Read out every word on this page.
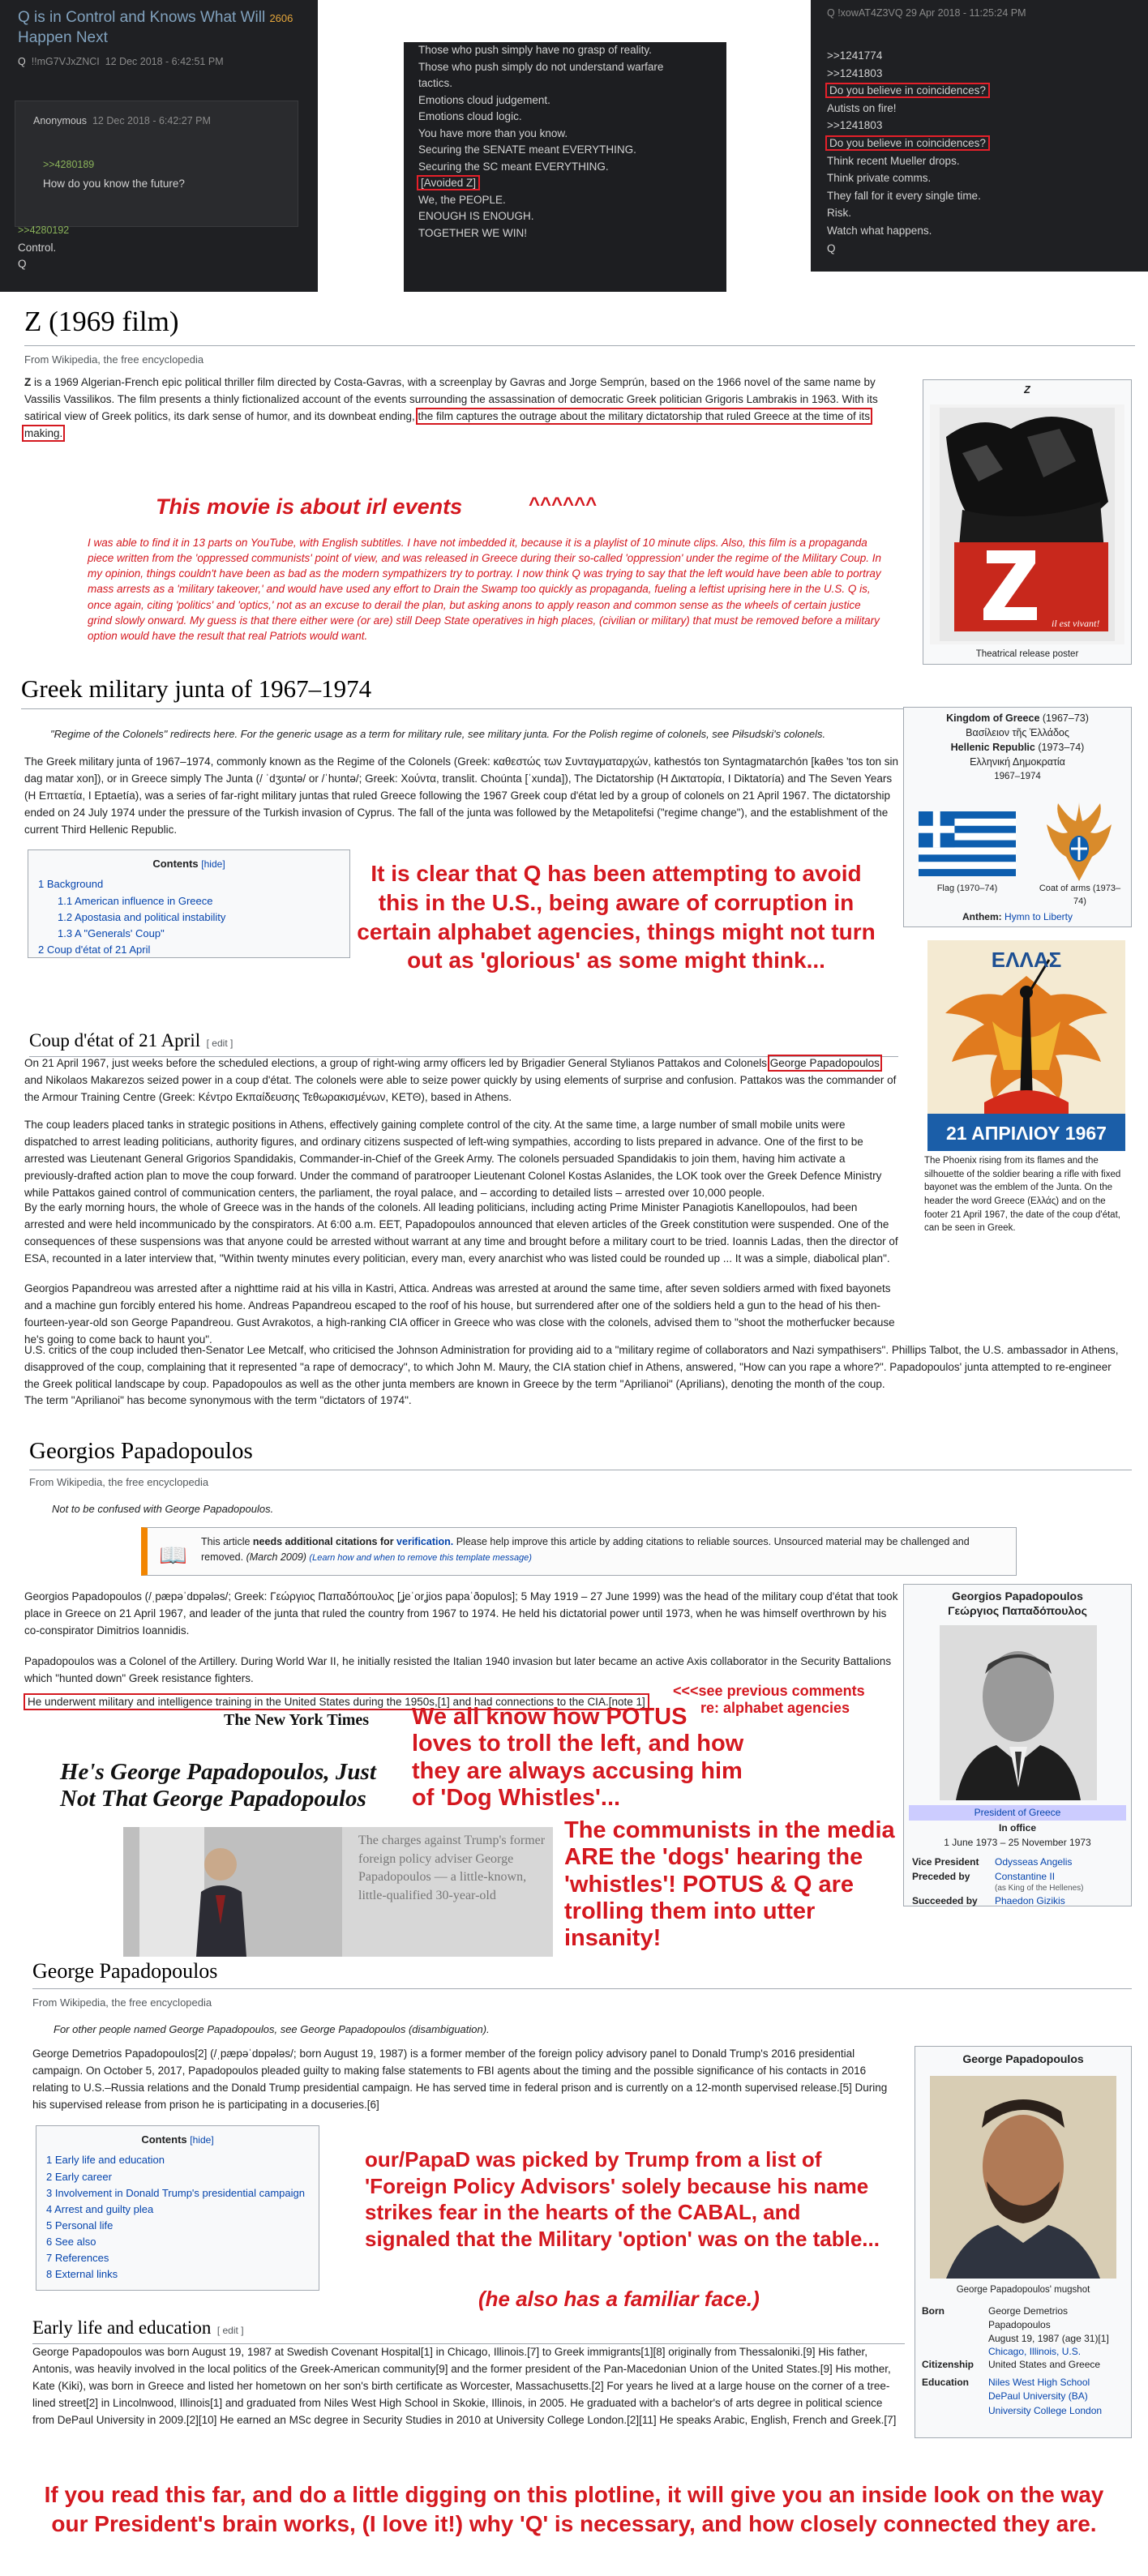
Q is in Control and Knows What Will 2606
Happen Next
Q !!mG7VJxZNCI 12 Dec 2018 - 6:42:51 PM
Anonymous 12 Dec 2018 - 6:42:27 PM
>>4280189
How do you know the future?
>>4280192
Control.
Q
Those who push simply have no grasp of reality.
Those who push simply do not understand warfare
tactics.
Emotions cloud judgement.
Emotions cloud logic.
You have more than you know.
Securing the SENATE meant EVERYTHING.
Securing the SC meant EVERYTHING.
[Avoided Z]
We, the PEOPLE.
ENOUGH IS ENOUGH.
TOGETHER WE WIN!
Q !xowAT4Z3VQ 29 Apr 2018 - 11:25:24 PM
>>1241774
>>1241803
Do you believe in coincidences?
Autists on fire!
>>1241803
Do you believe in coincidences?
Think recent Mueller drops.
Think private comms.
They fall for it every single time.
Risk.
Watch what happens.
Q
Z (1969 film)
From Wikipedia, the free encyclopedia
Z is a 1969 Algerian-French epic political thriller film directed by Costa-Gavras, with a screenplay by Gavras and Jorge Semprún, based on the 1966 novel of the same name by Vassilis Vassilikos. The film presents a thinly fictionalized account of the events surrounding the assassination of democratic Greek politician Grigoris Lambrakis in 1963. With its satirical view of Greek politics, its dark sense of humor, and its downbeat ending, the film captures the outrage about the military dictatorship that ruled Greece at the time of its making.
Z
il est vivant!
Theatrical release poster
This movie is about irl events	^^^^^^
I was able to find it in 13 parts on YouTube, with English subtitles. I have not imbedded it, because it is a playlist of 10 minute clips. Also, this film is a propaganda piece written from the 'oppressed communists' point of view, and was released in Greece during their so-called 'oppression' under the regime of the Military Coup. In my opinion, things couldn't have been as bad as the modern sympathizers try to portray. I now think Q was trying to say that the left would have been able to portray mass arrests as a 'military takeover,' and would have used any effort to Drain the Swamp too quickly as propaganda, fueling a leftist uprising here in the U.S. Q is, once again, citing 'politics' and 'optics,' not as an excuse to derail the plan, but asking anons to apply reason and common sense as the wheels of certain justice grind slowly onward. My guess is that there either were (or are) still Deep State operatives in high places, (civilian or military) that must be removed before a military option would have the result that real Patriots would want.
Greek military junta of 1967–1974
"Regime of the Colonels" redirects here. For the generic usage as a term for military rule, see military junta. For the Polish regime of colonels, see Piłsudski's colonels.
The Greek military junta of 1967–1974, commonly known as the Regime of the Colonels (Greek: καθεστώς των Συνταγματαρχών, kathestós ton Syntagmatarchón [kaθes 'tos ton sin dag matar xon]), or in Greece simply The Junta (/ ˈdʒʊntə/ or /ˈhʊntə/; Greek: Χούντα, translit. Choúnta [ˈxunda]), The Dictatorship (Η Δικτατορία, I Diktatoría) and The Seven Years (Η Επταετία, I Eptaetía), was a series of far-right military juntas that ruled Greece following the 1967 Greek coup d'état led by a group of colonels on 21 April 1967. The dictatorship ended on 24 July 1974 under the pressure of the Turkish invasion of Cyprus. The fall of the junta was followed by the Metapolitefsi ("regime change"), and the establishment of the current Third Hellenic Republic.
Contents [hide]
1 Background
1.1 American influence in Greece
1.2 Apostasia and political instability
1.3 A "Generals' Coup"
2 Coup d'état of 21 April
It is clear that Q has been attempting to avoid this in the U.S., being aware of corruption in certain alphabet agencies, things might not turn out as 'glorious' as some might think...
Kingdom of Greece (1967–73)
Βασίλειον τῆς Ἑλλάδος
Hellenic Republic (1973–74)
Ελληνική Δημοκρατία
1967–1974
Flag (1970–74)	Coat of arms (1973–74)
Anthem: Hymn to Liberty
ΕΛΛΑΣ
21 ΑΠΡΙΛΙΟΥ 1967
The Phoenix rising from its flames and the silhouette of the soldier bearing a rifle with fixed bayonet was the emblem of the Junta. On the header the word Greece (Ελλάς) and on the footer 21 April 1967, the date of the coup d'état, can be seen in Greek.
Coup d'état of 21 April [ edit ]
On 21 April 1967, just weeks before the scheduled elections, a group of right-wing army officers led by Brigadier General Stylianos Pattakos and Colonels George Papadopoulos and Nikolaos Makarezos seized power in a coup d'état. The colonels were able to seize power quickly by using elements of surprise and confusion. Pattakos was the commander of the Armour Training Centre (Greek: Κέντρο Εκπαίδευσης Τεθωρακισμένων, ΚΕΤΘ), based in Athens.
The coup leaders placed tanks in strategic positions in Athens, effectively gaining complete control of the city. At the same time, a large number of small mobile units were dispatched to arrest leading politicians, authority figures, and ordinary citizens suspected of left-wing sympathies, according to lists prepared in advance. One of the first to be arrested was Lieutenant General Grigorios Spandidakis, Commander-in-Chief of the Greek Army. The colonels persuaded Spandidakis to join them, having him activate a previously-drafted action plan to move the coup forward. Under the command of paratrooper Lieutenant Colonel Kostas Aslanides, the LOK took over the Greek Defence Ministry while Pattakos gained control of communication centers, the parliament, the royal palace, and – according to detailed lists – arrested over 10,000 people.
By the early morning hours, the whole of Greece was in the hands of the colonels. All leading politicians, including acting Prime Minister Panagiotis Kanellopoulos, had been arrested and were held incommunicado by the conspirators. At 6:00 a.m. EET, Papadopoulos announced that eleven articles of the Greek constitution were suspended. One of the consequences of these suspensions was that anyone could be arrested without warrant at any time and brought before a military court to be tried. Ioannis Ladas, then the director of ESA, recounted in a later interview that, "Within twenty minutes every politician, every man, every anarchist who was listed could be rounded up ... It was a simple, diabolical plan".
Georgios Papandreou was arrested after a nighttime raid at his villa in Kastri, Attica. Andreas was arrested at around the same time, after seven soldiers armed with fixed bayonets and a machine gun forcibly entered his home. Andreas Papandreou escaped to the roof of his house, but surrendered after one of the soldiers held a gun to the head of his then-fourteen-year-old son George Papandreou. Gust Avrakotos, a high-ranking CIA officer in Greece who was close with the colonels, advised them to "shoot the motherfucker because he's going to come back to haunt you".
U.S. critics of the coup included then-Senator Lee Metcalf, who criticised the Johnson Administration for providing aid to a "military regime of collaborators and Nazi sympathisers". Phillips Talbot, the U.S. ambassador in Athens, disapproved of the coup, complaining that it represented "a rape of democracy", to which John M. Maury, the CIA station chief in Athens, answered, "How can you rape a whore?". Papadopoulos' junta attempted to re-engineer the Greek political landscape by coup. Papadopoulos as well as the other junta members are known in Greece by the term "Aprilianoi" (Aprilians), denoting the month of the coup.
The term "Aprilianoi" has become synonymous with the term "dictators of 1974".
Georgios Papadopoulos
From Wikipedia, the free encyclopedia
Not to be confused with George Papadopoulos.
📖
This article needs additional citations for verification. Please help improve this article by adding citations to reliable sources. Unsourced material may be challenged and removed. (March 2009) (Learn how and when to remove this template message)
Georgios Papadopoulos (/ˌpæpəˈdɒpələs/; Greek: Γεώργιος Παπαδόπουλος [ʝeˈorʝios papaˈðopulos]; 5 May 1919 – 27 June 1999) was the head of the military coup d'état that took place in Greece on 21 April 1967, and leader of the junta that ruled the country from 1967 to 1974. He held his dictatorial power until 1973, when he was himself overthrown by his co-conspirator Dimitrios Ioannidis.
Papadopoulos was a Colonel of the Artillery. During World War II, he initially resisted the Italian 1940 invasion but later became an active Axis collaborator in the Security Battalions which "hunted down" Greek resistance fighters.
He underwent military and intelligence training in the United States during the 1950s,[1] and had connections to the CIA.[note 1]
<<<see previous comments
re: alphabet agencies
The New York Times
He's George Papadopoulos, Just
Not That George Papadopoulos
The charges against Trump's former foreign policy adviser George Papadopoulos — a little-known, little-qualified 30-year-old
We all know how POTUS loves to troll the left, and how they are always accusing him of 'Dog Whistles'...
The communists in the media ARE the 'dogs' hearing the 'whistles'! POTUS & Q are trolling them into utter insanity!
Georgios Papadopoulos
Γεώργιος Παπαδόπουλος
President of Greece
In office
1 June 1973 – 25 November 1973
Vice President Odysseas Angelis
Preceded by	Constantine II
(as King of the Hellenes)
Succeeded by Phaedon Gizikis
George Papadopoulos
From Wikipedia, the free encyclopedia
For other people named George Papadopoulos, see George Papadopoulos (disambiguation).
George Demetrios Papadopoulos[2] (/ˌpæpəˈdɒpələs/; born August 19, 1987) is a former member of the foreign policy advisory panel to Donald Trump's 2016 presidential campaign. On October 5, 2017, Papadopoulos pleaded guilty to making false statements to FBI agents about the timing and the possible significance of his contacts in 2016 relating to U.S.–Russia relations and the Donald Trump presidential campaign. He has served time in federal prison and is currently on a 12-month supervised release.[5] During his supervised release from prison he is participating in a docuseries.[6]
Contents [hide]
1 Early life and education
2 Early career
3 Involvement in Donald Trump's presidential campaign
4 Arrest and guilty plea
5 Personal life
6 See also
7 References
8 External links
our/PapaD was picked by Trump from a list of 'Foreign Policy Advisors' solely because his name strikes fear in the hearts of the CABAL, and signaled that the Military 'option' was on the table...
(he also has a familiar face.)
George Papadopoulos
George Papadopoulos' mugshot
Born	George Demetrios Papadopoulos
August 19, 1987 (age 31)[1]
Chicago, Illinois, U.S.
Citizenship United States and Greece
Education Niles West High School
DePaul University (BA)
University College London
Early life and education [ edit ]
George Papadopoulos was born August 19, 1987 at Swedish Covenant Hospital[1] in Chicago, Illinois.[7] to Greek immigrants[1][8] originally from Thessaloniki.[9] His father, Antonis, was heavily involved in the local politics of the Greek-American community[9] and the former president of the Pan-Macedonian Union of the United States.[9] His mother, Kate (Kiki), was born in Greece and listed her hometown on her son's birth certificate as Worcester, Massachusetts.[2] For years he lived at a large house on the corner of a tree-lined street[2] in Lincolnwood, Illinois[1] and graduated from Niles West High School in Skokie, Illinois, in 2005. He graduated with a bachelor's of arts degree in political science from DePaul University in 2009.[2][10] He earned an MSc degree in Security Studies in 2010 at University College London.[2][11] He speaks Arabic, English, French and Greek.[7]
If you read this far, and do a little digging on this plotline, it will give you an inside look on the way our President's brain works, (I love it!) why 'Q' is necessary, and how closely connected they are.
